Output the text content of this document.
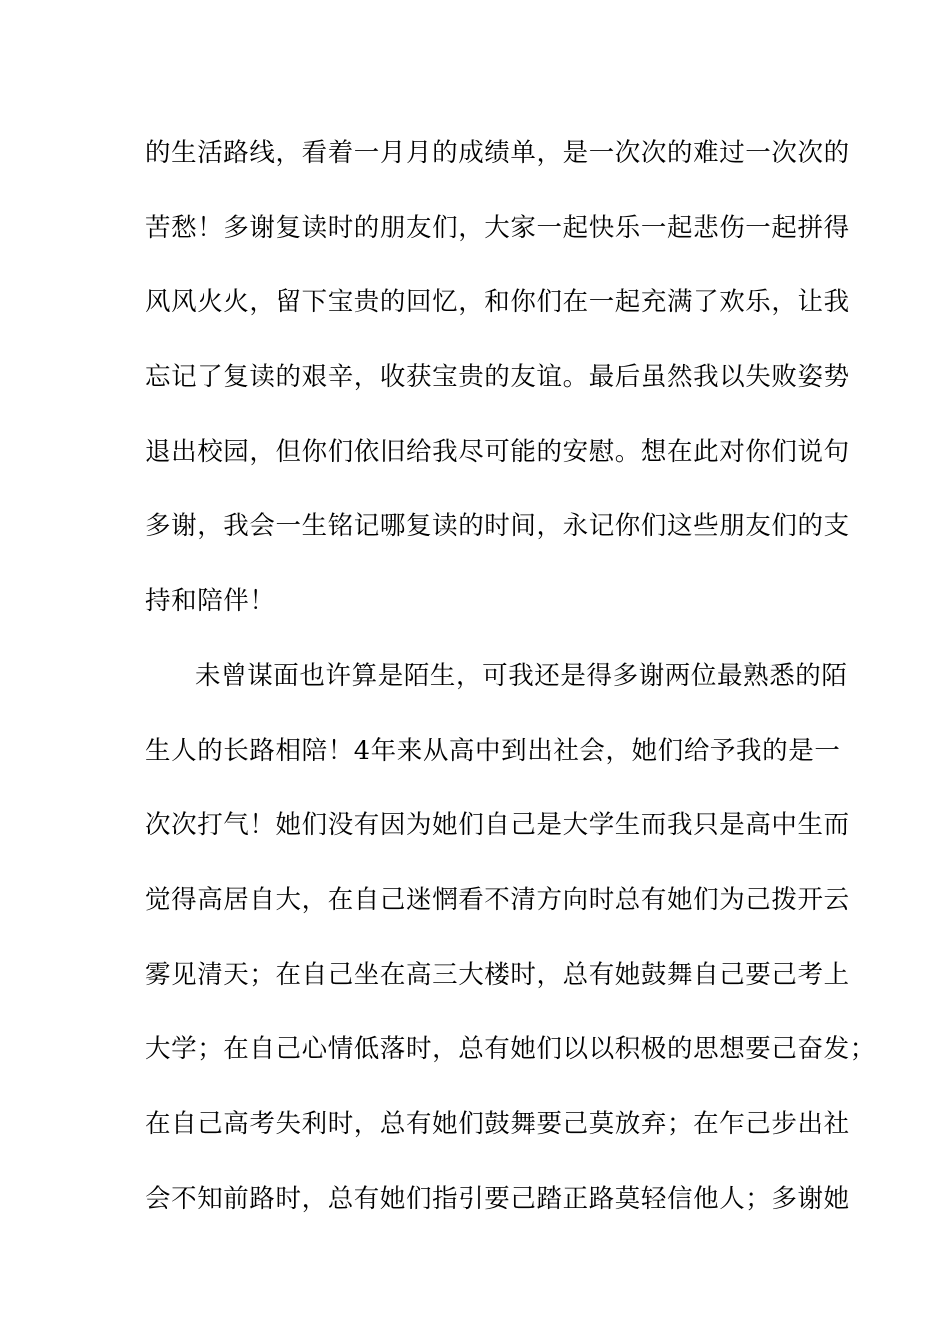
的生活路线，看着一月月的成绩单，是一次次的难过一次次的
苦愁！多谢复读时的朋友们，大家一起快乐一起悲伤一起拼得
风风火火，留下宝贵的回忆，和你们在一起充满了欢乐，让我
忘记了复读的艰辛，收获宝贵的友谊。最后虽然我以失败姿势
退出校园，但你们依旧给我尽可能的安慰。想在此对你们说句
多谢，我会一生铭记哪复读的时间，永记你们这些朋友们的支
持和陪伴！
未曾谋面也许算是陌生，可我还是得多谢两位最熟悉的陌
生人的长路相陪！4年来从高中到出社会，她们给予我的是一
次次打气！她们没有因为她们自己是大学生而我只是高中生而
觉得高居自大，在自己迷惘看不清方向时总有她们为己拨开云
雾见清天；在自己坐在高三大楼时，总有她鼓舞自己要己考上
大学；在自己心情低落时，总有她们以以积极的思想要己奋发；
在自己高考失利时，总有她们鼓舞要己莫放弃；在乍己步出社
会不知前路时，总有她们指引要己踏正路莫轻信他人；多谢她
